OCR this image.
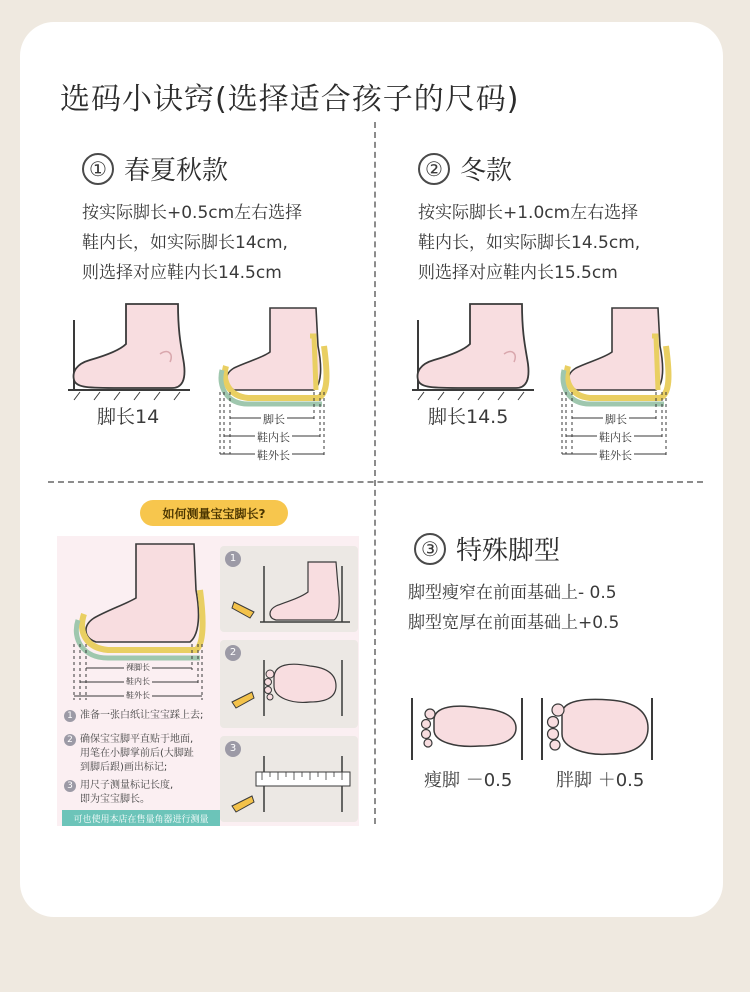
选码小诀窍(选择适合孩子的尺码)
① 春夏秋款

按实际脚长+0.5cm左右选择

鞋内长，如实际脚长14cm,

则选择对应鞋内长14.5cm

脚长14	脚长
鞋内长
鞋外长
② 冬款

按实际脚长+1.0cm左右选择

鞋内长，如实际脚长14.5cm,

则选择对应鞋内长15.5cm

脚长14.5	脚长
鞋内长
鞋外长
如何测量宝宝脚长?
裸脚长
鞋内长
鞋外长
1 准备一张白纸让宝宝踩上去;
2 确保宝宝脚平直贴于地面,
用笔在小脚掌前后(大脚趾
到脚后跟)画出标记;
3 用尺子测量标记长度,
即为宝宝脚长。
可也使用本店在售量角器进行测量
1
2
3
③ 特殊脚型

脚型瘦窄在前面基础上- 0.5

脚型宽厚在前面基础上+0.5

瘦脚 －0.5 胖脚 ＋0.5
